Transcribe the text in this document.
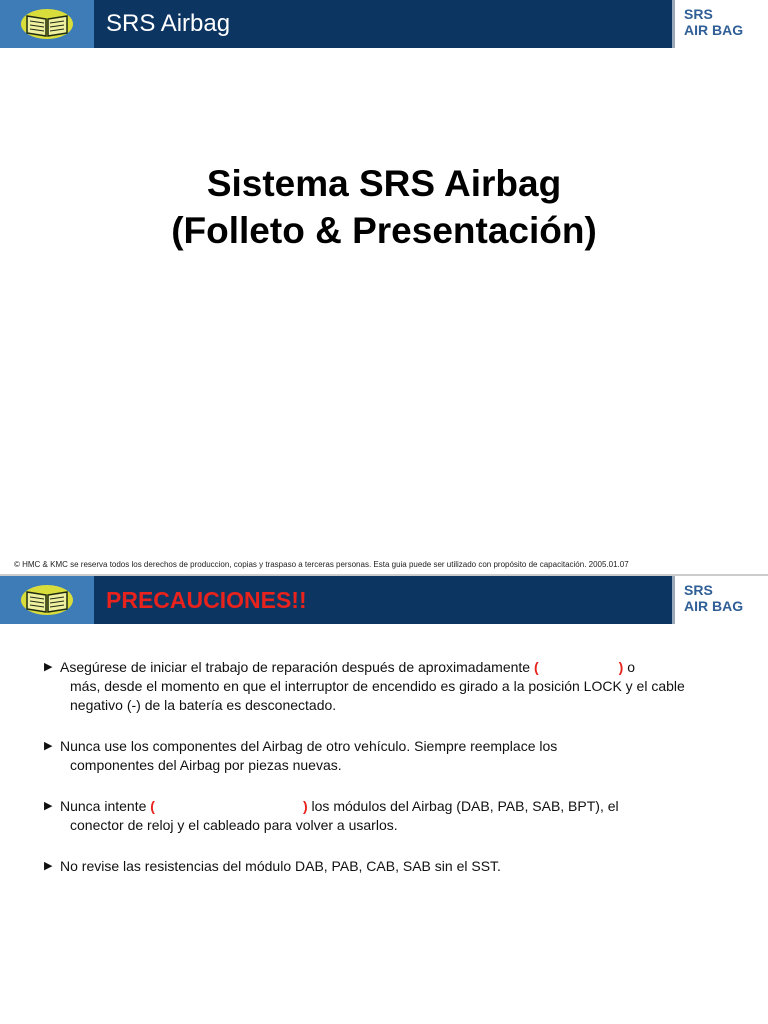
SRS Airbag	SRS
AIR BAG
Sistema SRS Airbag
(Folleto & Presentación)
© HMC & KMC se reserva todos los derechos de produccion, copias y traspaso a terceras personas. Esta guia puede ser utilizado con propósito de capacitación. 2005.01.07
PRECAUCIONES!!	SRS
AIR BAG
▶ Asegúrese de iniciar el trabajo de reparación después de aproximadamente (	) o
más, desde el momento en que el interruptor de encendido es girado a la posición LOCK y el cable negativo (-) de la batería es desconectado.
▶ Nunca use los componentes del Airbag de otro vehículo. Siempre reemplace los
componentes del Airbag por piezas nuevas.
▶ Nunca intente (	) los módulos del Airbag (DAB, PAB, SAB, BPT), el
conector de reloj y el cableado para volver a usarlos.
▶ No revise las resistencias del módulo DAB, PAB, CAB, SAB sin el SST.
